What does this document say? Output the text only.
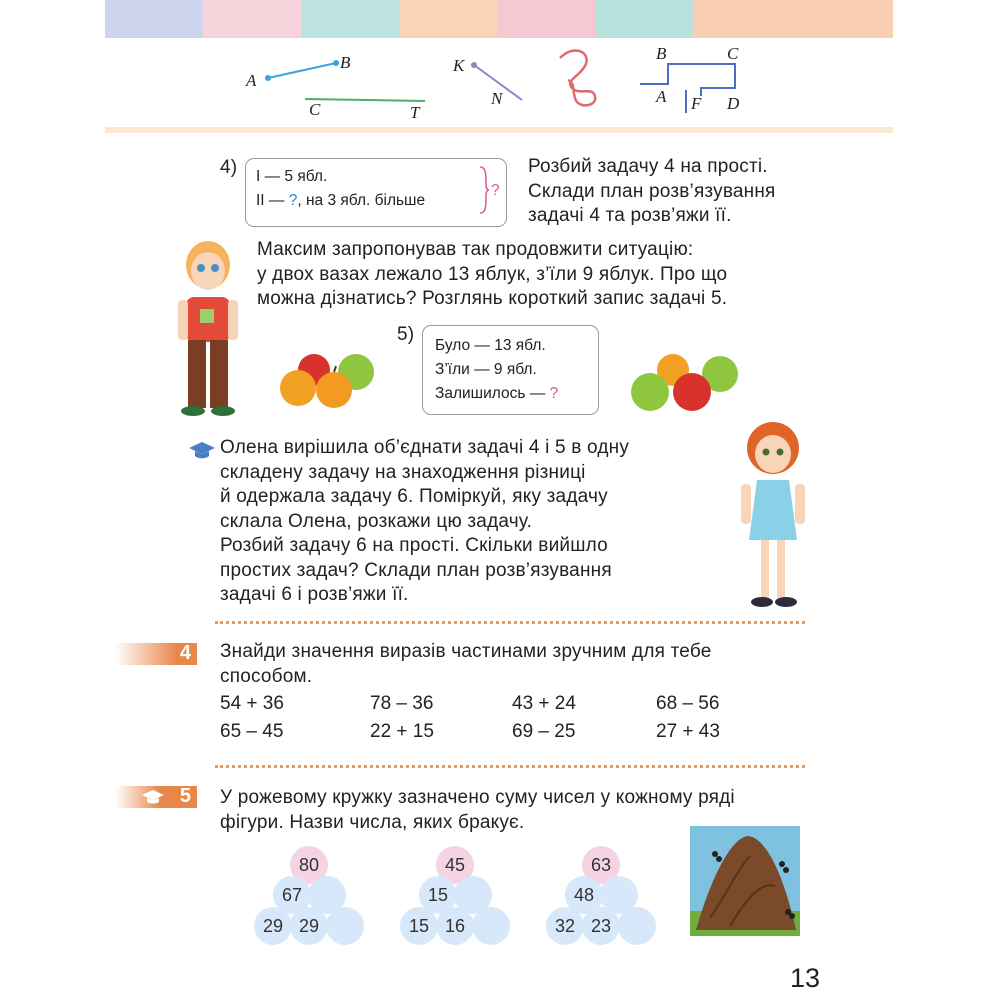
A
B
C	T
K
N
B	C
A F D
4) І — 5 ябл.
ІІ — ?, на 3 ябл. більше
?
Розбий задачу 4 на прості.
Склади план розв’язування
задачі 4 та розв’яжи її.
Максим запропонував так продовжити ситуацію:
у двох вазах лежало 13 яблук, з’їли 9 яблук. Про що
можна дізнатись? Розглянь короткий запис задачі 5.
5)
Було — 13 ябл.
З’їли — 9 ябл.
Залишилось — ?
Олена вирішила об’єднати задачі 4 і 5 в одну
складену задачу на знаходження різниці
й одержала задачу 6. Поміркуй, яку задачу
склала Олена, розкажи цю задачу.
Розбий задачу 6 на прості. Скільки вийшло
простих задач? Склади план розв’язування
задачі 6 і розв’яжи її.
4 Знайди значення виразів частинами зручним для тебе
способом.
54 + 36	78 – 36	43 + 24	68 – 56
65 – 45	22 + 15	69 – 25	27 + 43
5 У рожевому кружку зазначено суму чисел у кожному ряді
фігури. Назви числа, яких бракує.
80
67
29 29
45
15
15 16
63
48
32 23
13
